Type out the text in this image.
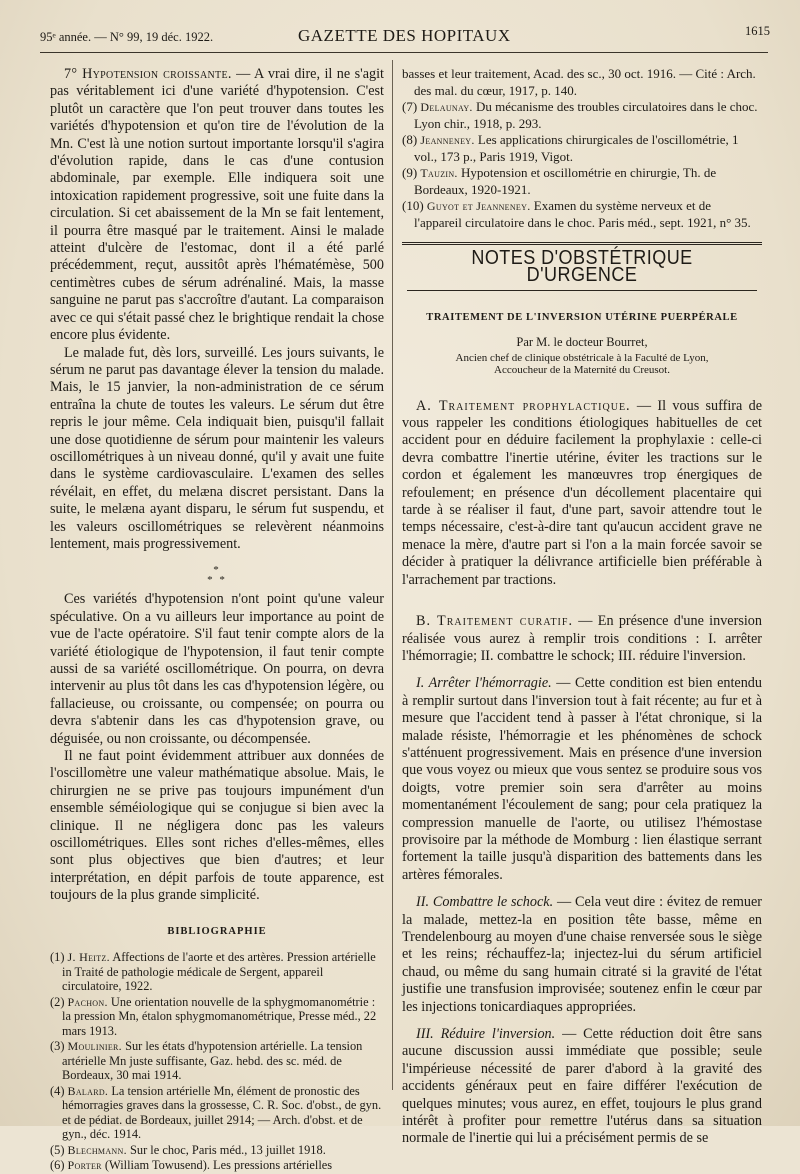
95ᵉ année. — N° 99, 19 déc. 1922.	GAZETTE DES HOPITAUX	1615

7° Hypotension croissante. — A vrai dire, il ne s'agit pas véritablement ici d'une variété d'hypotension. C'est plutôt un caractère que l'on peut trouver dans toutes les variétés d'hypotension et qu'on tire de l'évolution de la Mn. C'est là une notion surtout importante lorsqu'il s'agira d'évolution rapide, dans le cas d'une contusion abdominale, par exemple. Elle indiquera soit une intoxication rapidement progressive, soit une fuite dans la circulation. Si cet abaissement de la Mn se fait lentement, il pourra être masqué par le traitement. Ainsi le malade atteint d'ulcère de l'estomac, dont il a été parlé précédemment, reçut, aussitôt après l'hématémèse, 500 centimètres cubes de sérum adrénaliné. Mais, la masse sanguine ne parut pas s'accroître d'autant. La comparaison avec ce qui s'était passé chez le brightique rendait la chose encore plus évidente.

Le malade fut, dès lors, surveillé. Les jours suivants, le sérum ne parut pas davantage élever la tension du malade. Mais, le 15 janvier, la non-administration de ce sérum entraîna la chute de toutes les valeurs. Le sérum dut être repris le jour même. Cela indiquait bien, puisqu'il fallait une dose quotidienne de sérum pour maintenir les valeurs oscillométriques à un niveau donné, qu'il y avait une fuite dans le système cardiovasculaire. L'examen des selles révélait, en effet, du melæna discret persistant. Dans la suite, le melæna ayant disparu, le sérum fut suspendu, et les valeurs oscillométriques se relevèrent néanmoins lentement, mais progressivement.

*
* *

Ces variétés d'hypotension n'ont point qu'une valeur spéculative. On a vu ailleurs leur importance au point de vue de l'acte opératoire. S'il faut tenir compte alors de la variété étiologique de l'hypotension, il faut tenir compte aussi de sa variété oscillométrique. On pourra, on devra intervenir au plus tôt dans les cas d'hypotension légère, ou fallacieuse, ou croissante, ou compensée; on pourra ou devra s'abtenir dans les cas d'hypotension grave, ou déguisée, ou non croissante, ou décompensée.

Il ne faut point évidemment attribuer aux données de l'oscillomètre une valeur mathématique absolue. Mais, le chirurgien ne se prive pas toujours impunément d'un ensemble séméiologique qui se conjugue si bien avec la clinique. Il ne négligera donc pas les valeurs oscillométriques. Elles sont riches d'elles-mêmes, elles sont plus objectives que bien d'autres; et leur interprétation, en dépit parfois de toute apparence, est toujours de la plus grande simplicité.

BIBLIOGRAPHIE

(1) J. Heitz. Affections de l'aorte et des artères. Pression artérielle in Traité de pathologie médicale de Sergent, appareil circulatoire, 1922.

(2) Pachon. Une orientation nouvelle de la sphygmomanométrie : la pression Mn, étalon sphygmomanométrique, Presse méd., 22 mars 1913.

(3) Moulinier. Sur les états d'hypotension artérielle. La tension artérielle Mn juste suffisante, Gaz. hebd. des sc. méd. de Bordeaux, 30 mai 1914.

(4) Balard. La tension artérielle Mn, élément de pronostic des hémorragies graves dans la grossesse, C. R. Soc. d'obst., de gyn. et de pédiat. de Bordeaux, juillet 2914; — Arch. d'obst. et de gyn., déc. 1914.

(5) Blechmann. Sur le choc, Paris méd., 13 juillet 1918.

(6) Porter (William Towusend). Les pressions artérielles

basses et leur traitement, Acad. des sc., 30 oct. 1916. — Cité : Arch. des mal. du cœur, 1917, p. 140.

(7) Delaunay. Du mécanisme des troubles circulatoires dans le choc. Lyon chir., 1918, p. 293.

(8) Jeanneney. Les applications chirurgicales de l'oscillométrie, 1 vol., 173 p., Paris 1919, Vigot.

(9) Tauzin. Hypotension et oscillométrie en chirurgie, Th. de Bordeaux, 1920-1921.

(10) Guyot et Jeanneney. Examen du système nerveux et de l'appareil circulatoire dans le choc. Paris méd., sept. 1921, n° 35.

NOTES D'OBSTÉTRIQUE D'URGENCE
TRAITEMENT DE L'INVERSION UTÉRINE PUERPÉRALE

Par M. le docteur Bourret,

Ancien chef de clinique obstétricale à la Faculté de Lyon,
Accoucheur de la Maternité du Creusot.

A. Traitement prophylactique. — Il vous suffira de vous rappeler les conditions étiologiques habituelles de cet accident pour en déduire facilement la prophylaxie : celle-ci devra combattre l'inertie utérine, éviter les tractions sur le cordon et également les manœuvres trop énergiques de refoulement; en présence d'un décollement placentaire qui tarde à se réaliser il faut, d'une part, savoir attendre tout le temps nécessaire, c'est-à-dire tant qu'aucun accident grave ne menace la mère, d'autre part si l'on a la main forcée savoir se décider à pratiquer la délivrance artificielle bien préférable à l'arrachement par tractions.

B. Traitement curatif. — En présence d'une inversion réalisée vous aurez à remplir trois conditions : I. arrêter l'hémorragie; II. combattre le schock; III. réduire l'inversion.

I. Arrêter l'hémorragie. — Cette condition est bien entendu à remplir surtout dans l'inversion tout à fait récente; au fur et à mesure que l'accident tend à passer à l'état chronique, si la malade résiste, l'hémorragie et les phénomènes de schock s'atténuent progressivement. Mais en présence d'une inversion que vous voyez ou mieux que vous sentez se produire sous vos doigts, votre premier soin sera d'arrêter au moins momentanément l'écoulement de sang; pour cela pratiquez la compression manuelle de l'aorte, ou utilisez l'hémostase provisoire par la méthode de Momburg : lien élastique serrant fortement la taille jusqu'à disparition des battements dans les artères fémorales.

II. Combattre le schock. — Cela veut dire : évitez de remuer la malade, mettez-la en position tête basse, même en Trendelenbourg au moyen d'une chaise renversée sous le siège et les reins; réchauffez-la; injectez-lui du sérum artificiel chaud, ou même du sang humain citraté si la gravité de l'état justifie une transfusion improvisée; soutenez enfin le cœur par les injections tonicardiaques appropriées.

III. Réduire l'inversion. — Cette réduction doit être sans aucune discussion aussi immédiate que possible; seule l'impérieuse nécessité de parer d'abord à la gravité des accidents généraux peut en faire différer l'exécution de quelques minutes; vous aurez, en effet, toujours le plus grand intérêt à profiter pour remettre l'utérus dans sa situation normale de l'inertie qui lui a précisément permis de se
